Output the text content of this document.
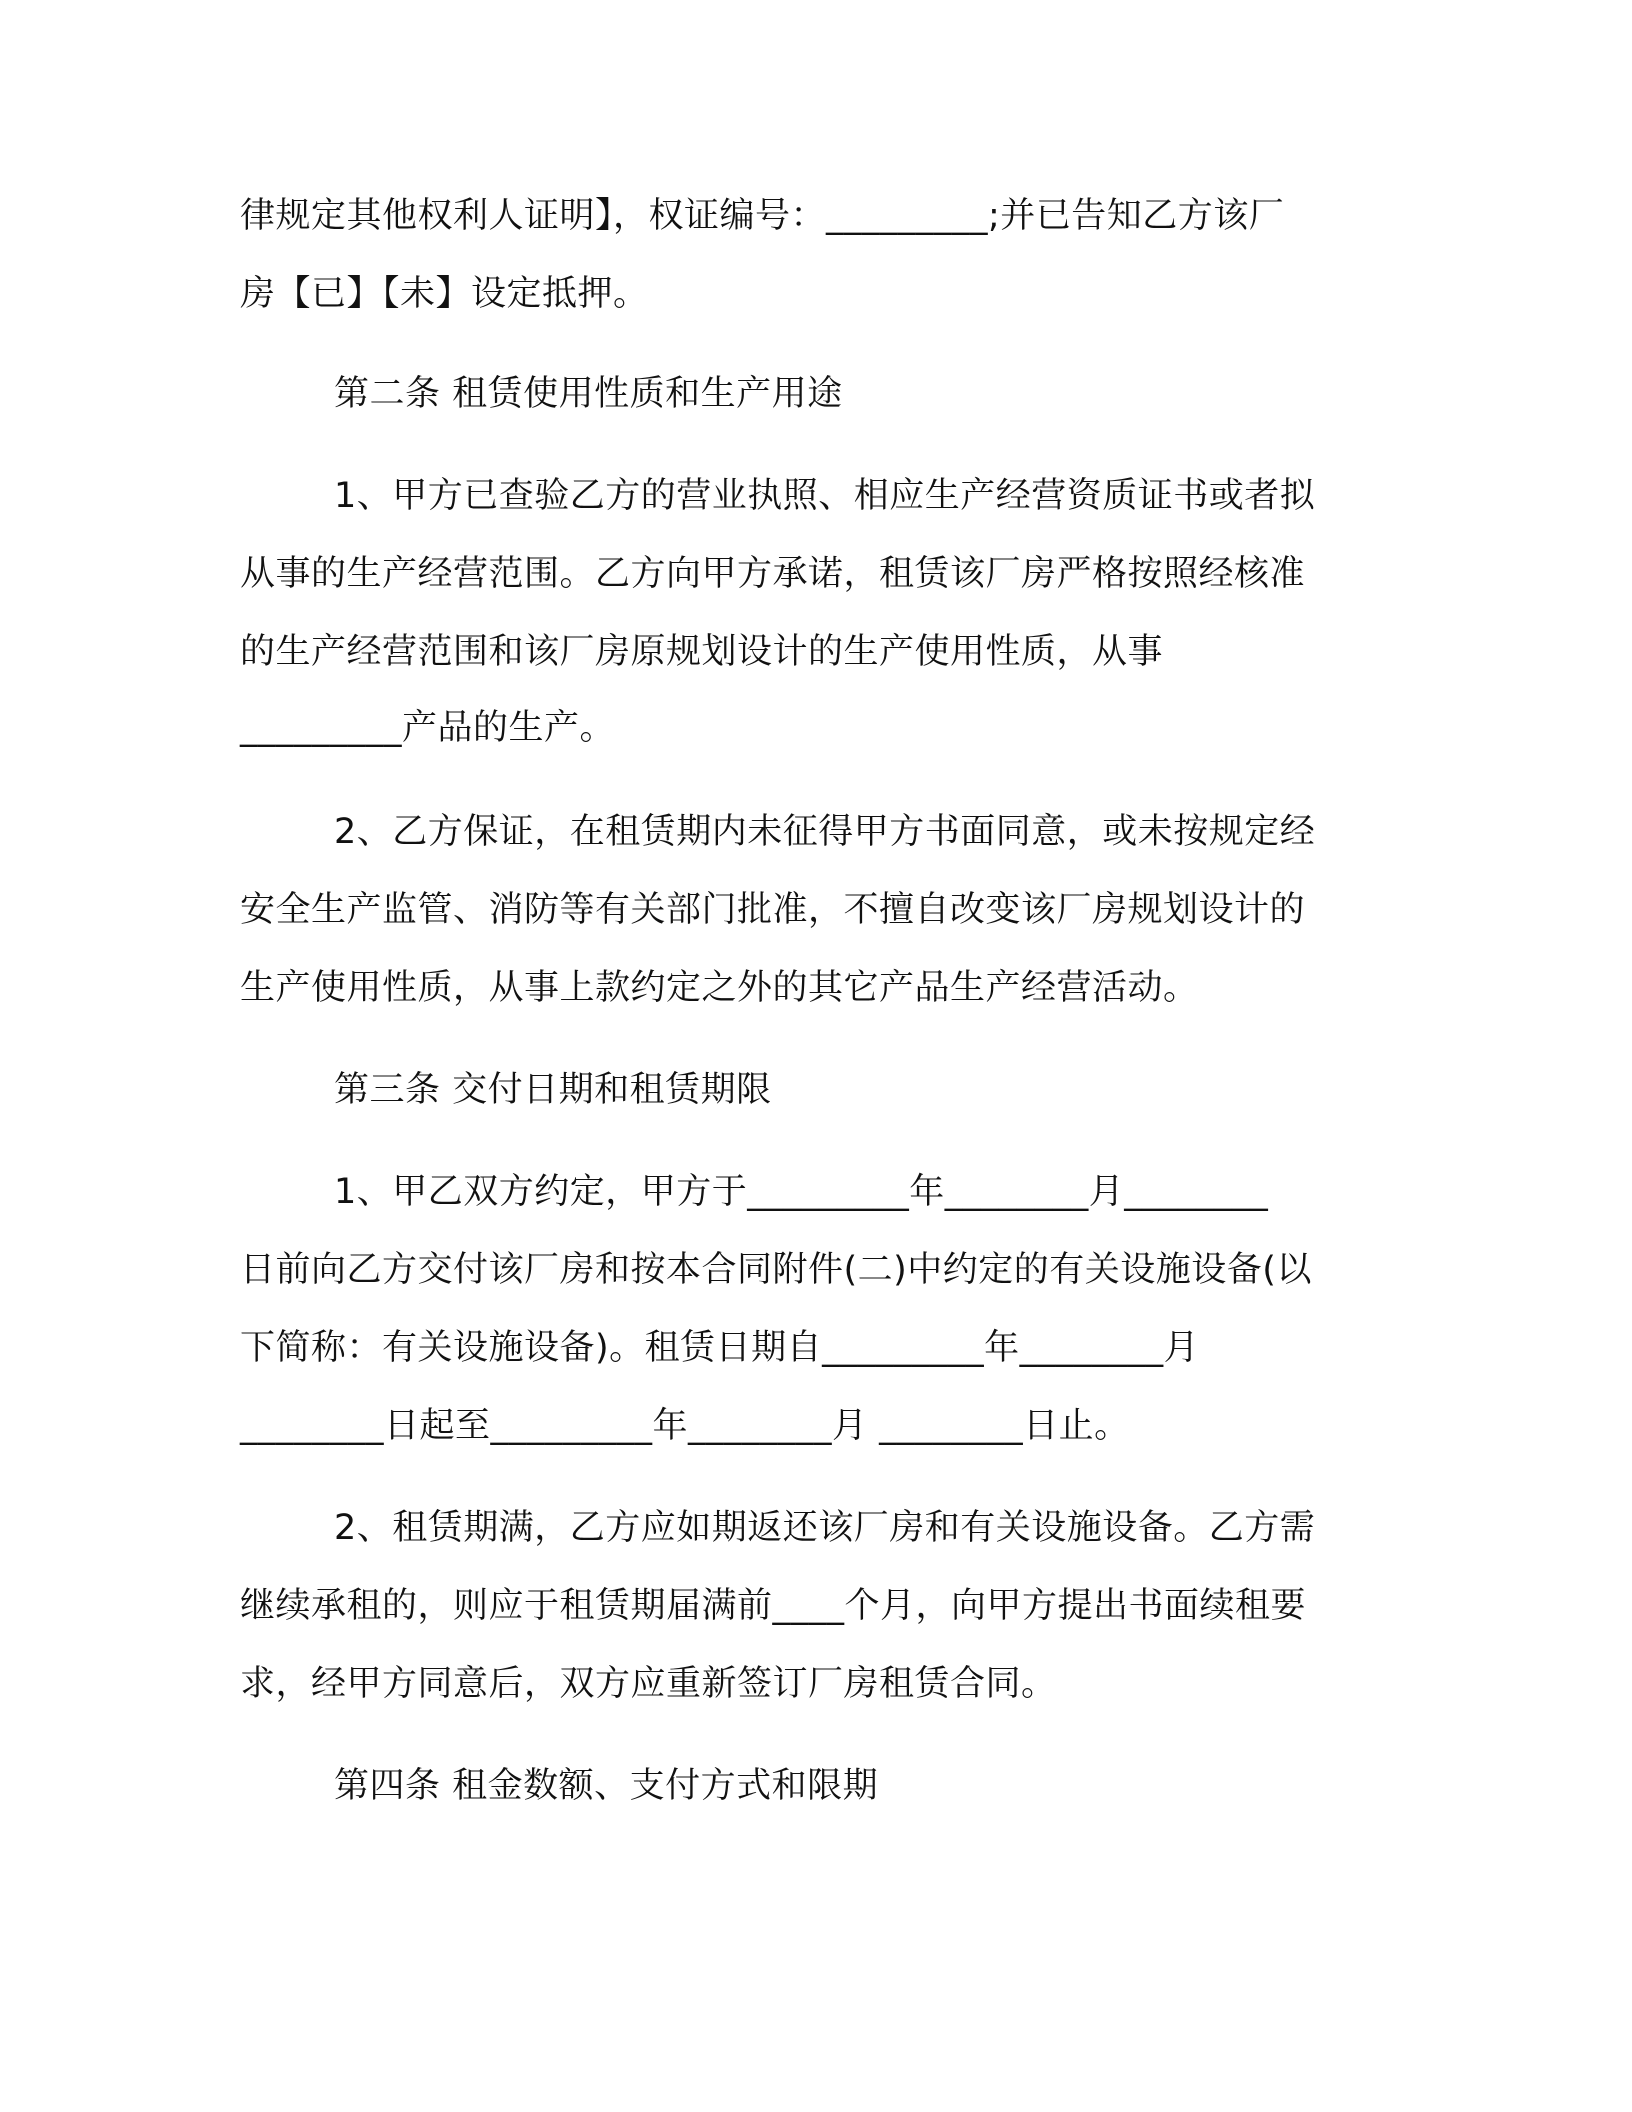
律规定其他权利人证明】，权证编号：_________;并已告知乙方该厂
房【已】【未】设定抵押。
第二条 租赁使用性质和生产用途
1、甲方已查验乙方的营业执照、相应生产经营资质证书或者拟
从事的生产经营范围。乙方向甲方承诺，租赁该厂房严格按照经核准
的生产经营范围和该厂房原规划设计的生产使用性质，从事
_________产品的生产。
2、乙方保证，在租赁期内未征得甲方书面同意，或未按规定经
安全生产监管、消防等有关部门批准，不擅自改变该厂房规划设计的
生产使用性质，从事上款约定之外的其它产品生产经营活动。
第三条 交付日期和租赁期限
1、甲乙双方约定，甲方于_________年________月________
日前向乙方交付该厂房和按本合同附件(二)中约定的有关设施设备(以
下简称：有关设施设备)。租赁日期自_________年________月
________日起至_________年________月 ________日止。
2、租赁期满，乙方应如期返还该厂房和有关设施设备。乙方需
继续承租的，则应于租赁期届满前____个月，向甲方提出书面续租要
求，经甲方同意后，双方应重新签订厂房租赁合同。
第四条 租金数额、支付方式和限期
